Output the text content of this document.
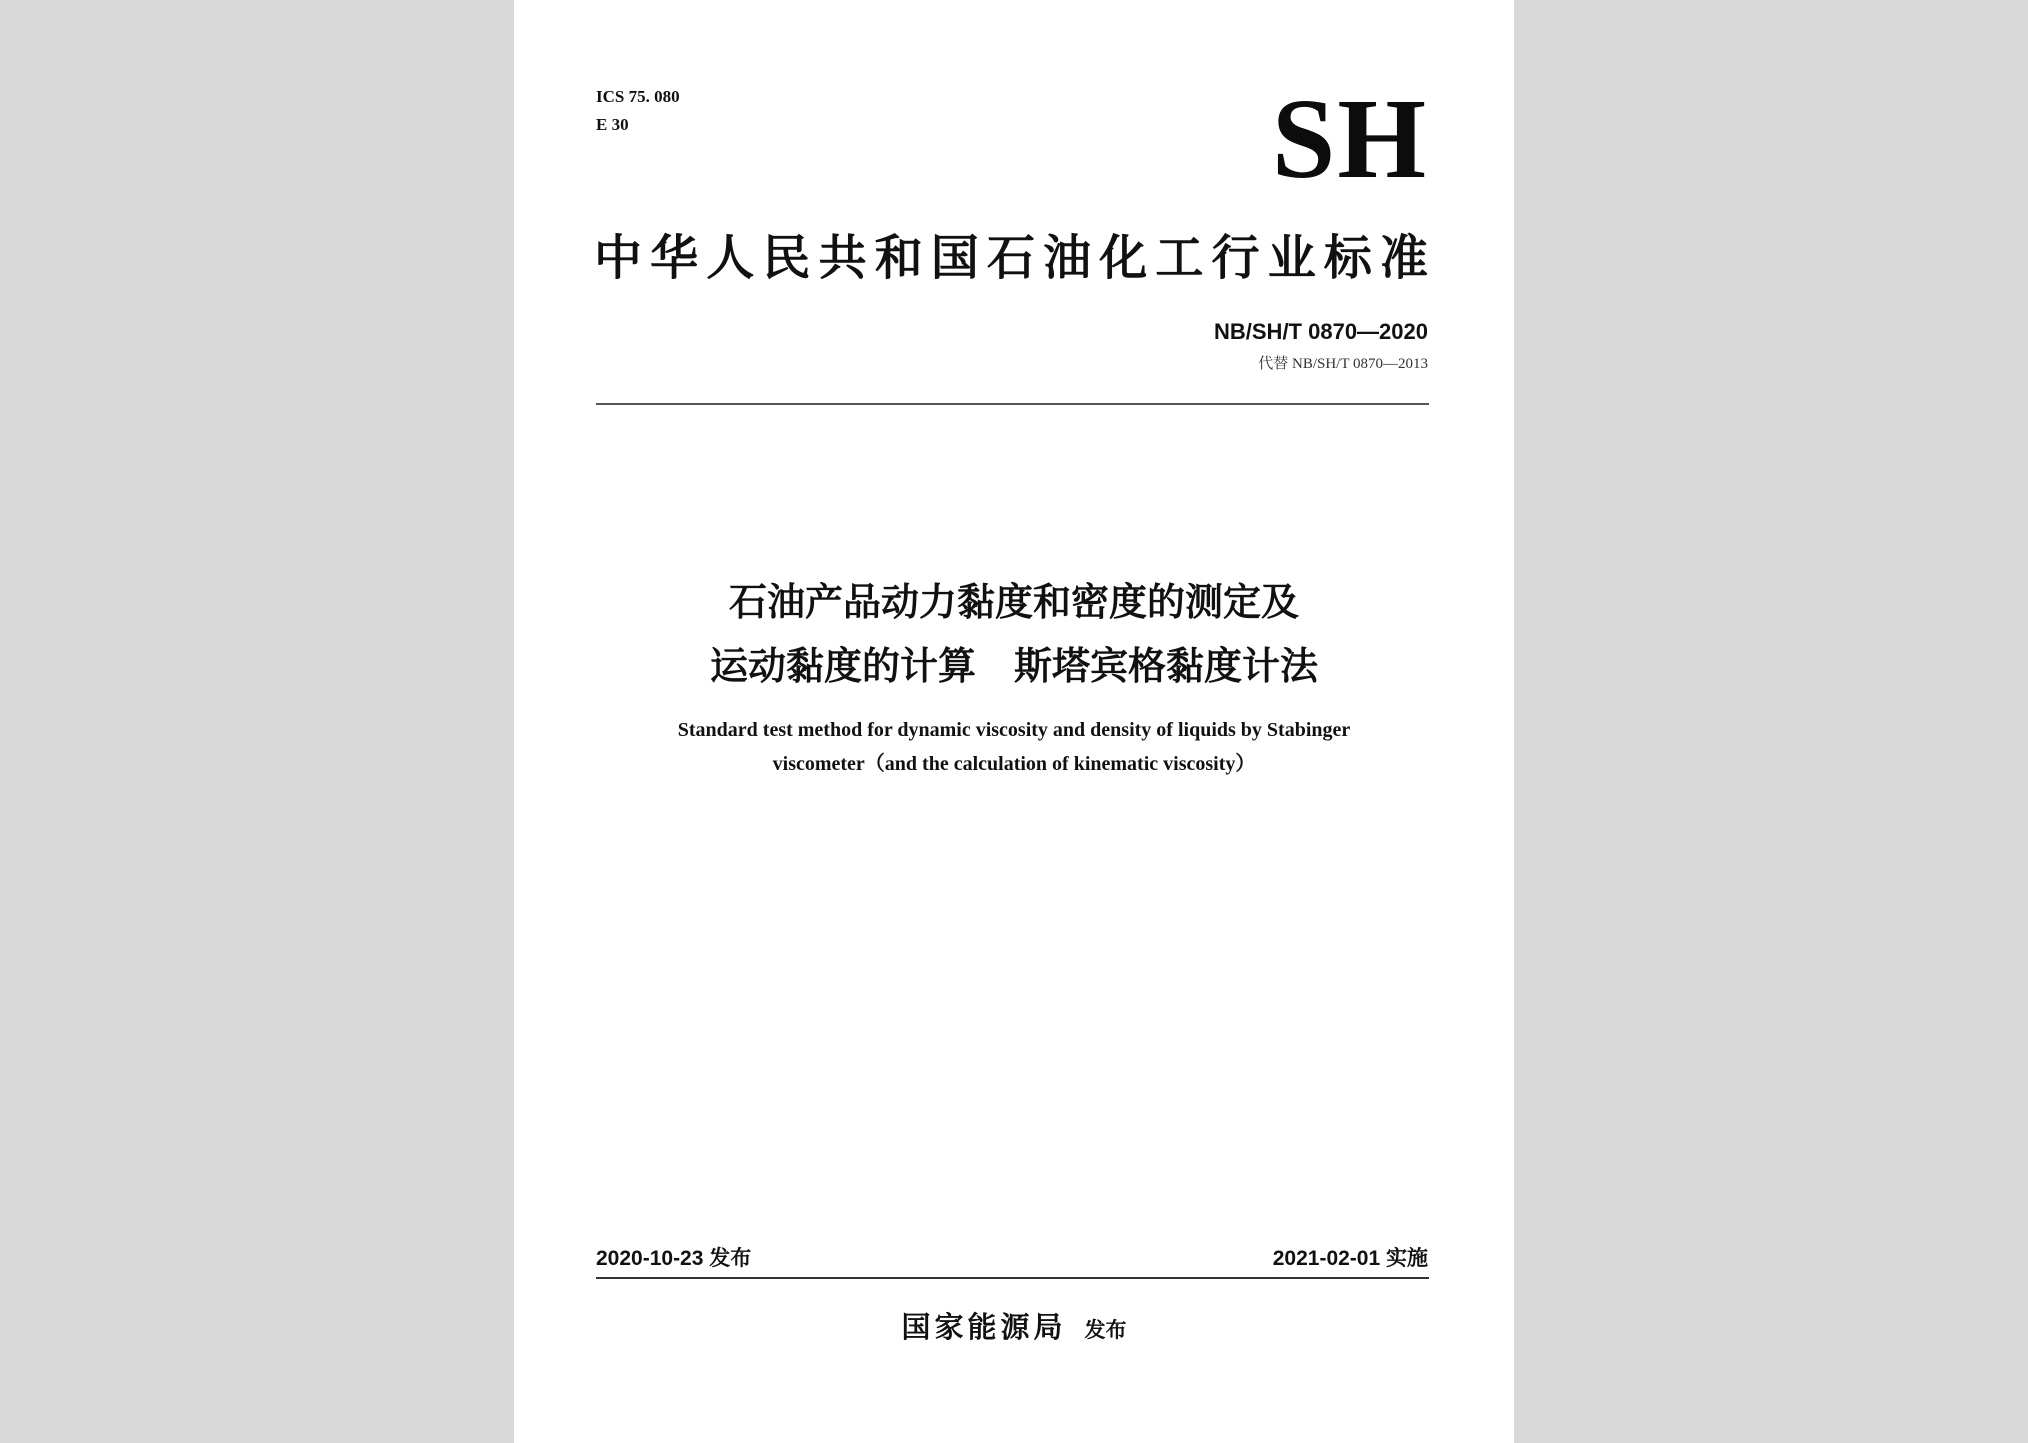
ICS 75. 080
E 30	SH
中华人民共和国石油化工行业标准
NB/SH/T 0870—2020
代替 NB/SH/T 0870—2013
石油产品动力黏度和密度的测定及
运动黏度的计算　斯塔宾格黏度计法
Standard test method for dynamic viscosity and density of liquids by Stabinger
viscometer（and the calculation of kinematic viscosity）
2020-10-23 发布	2021-02-01 实施
国家能源局 发布
